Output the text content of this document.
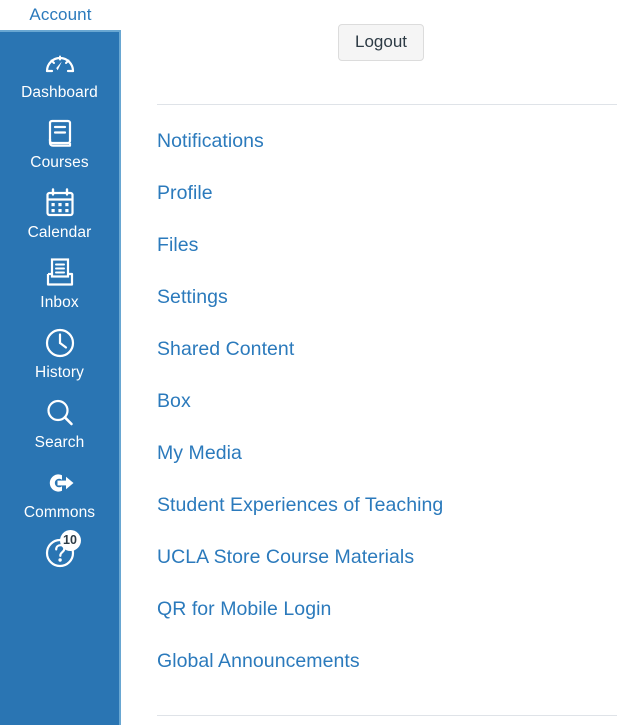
Account
Dashboard
Courses
Calendar
Inbox
History
Search
Commons
10
Logout
Notifications
Profile
Files
Settings
Shared Content
Box
My Media
Student Experiences of Teaching
UCLA Store Course Materials
QR for Mobile Login
Global Announcements
